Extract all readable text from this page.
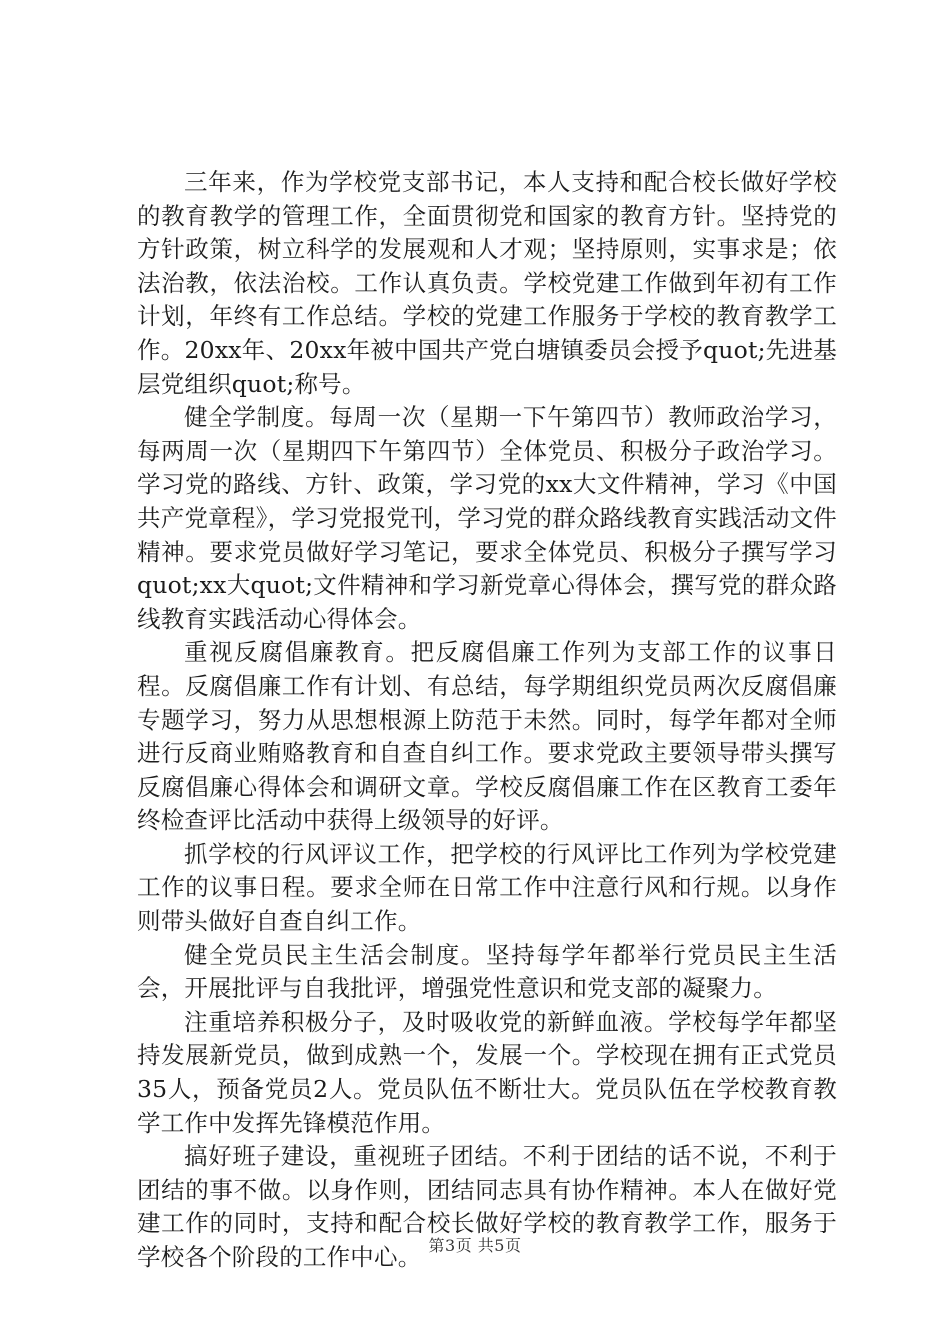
三年来，作为学校党支部书记，本人支持和配合校长做好学校的教育教学的管理工作，全面贯彻党和国家的教育方针。坚持党的方针政策，树立科学的发展观和人才观；坚持原则，实事求是；依法治教，依法治校。工作认真负责。学校党建工作做到年初有工作计划，年终有工作总结。学校的党建工作服务于学校的教育教学工作。20xx年、20xx年被中国共产党白塘镇委员会授予quot;先进基层党组织quot;称号。

健全学制度。每周一次（星期一下午第四节）教师政治学习，每两周一次（星期四下午第四节）全体党员、积极分子政治学习。学习党的路线、方针、政策，学习党的xx大文件精神，学习《中国共产党章程》，学习党报党刊，学习党的群众路线教育实践活动文件精神。要求党员做好学习笔记，要求全体党员、积极分子撰写学习quot;xx大quot;文件精神和学习新党章心得体会，撰写党的群众路线教育实践活动心得体会。

重视反腐倡廉教育。把反腐倡廉工作列为支部工作的议事日程。反腐倡廉工作有计划、有总结，每学期组织党员两次反腐倡廉专题学习，努力从思想根源上防范于未然。同时，每学年都对全师进行反商业贿赂教育和自查自纠工作。要求党政主要领导带头撰写反腐倡廉心得体会和调研文章。学校反腐倡廉工作在区教育工委年终检查评比活动中获得上级领导的好评。

抓学校的行风评议工作，把学校的行风评比工作列为学校党建工作的议事日程。要求全师在日常工作中注意行风和行规。以身作则带头做好自查自纠工作。

健全党员民主生活会制度。坚持每学年都举行党员民主生活会，开展批评与自我批评，增强党性意识和党支部的凝聚力。

注重培养积极分子，及时吸收党的新鲜血液。学校每学年都坚持发展新党员，做到成熟一个，发展一个。学校现在拥有正式党员35人，预备党员2人。党员队伍不断壮大。党员队伍在学校教育教学工作中发挥先锋模范作用。

搞好班子建设，重视班子团结。不利于团结的话不说，不利于团结的事不做。以身作则，团结同志具有协作精神。本人在做好党建工作的同时，支持和配合校长做好学校的教育教学工作，服务于学校各个阶段的工作中心。 第3页 共5页
